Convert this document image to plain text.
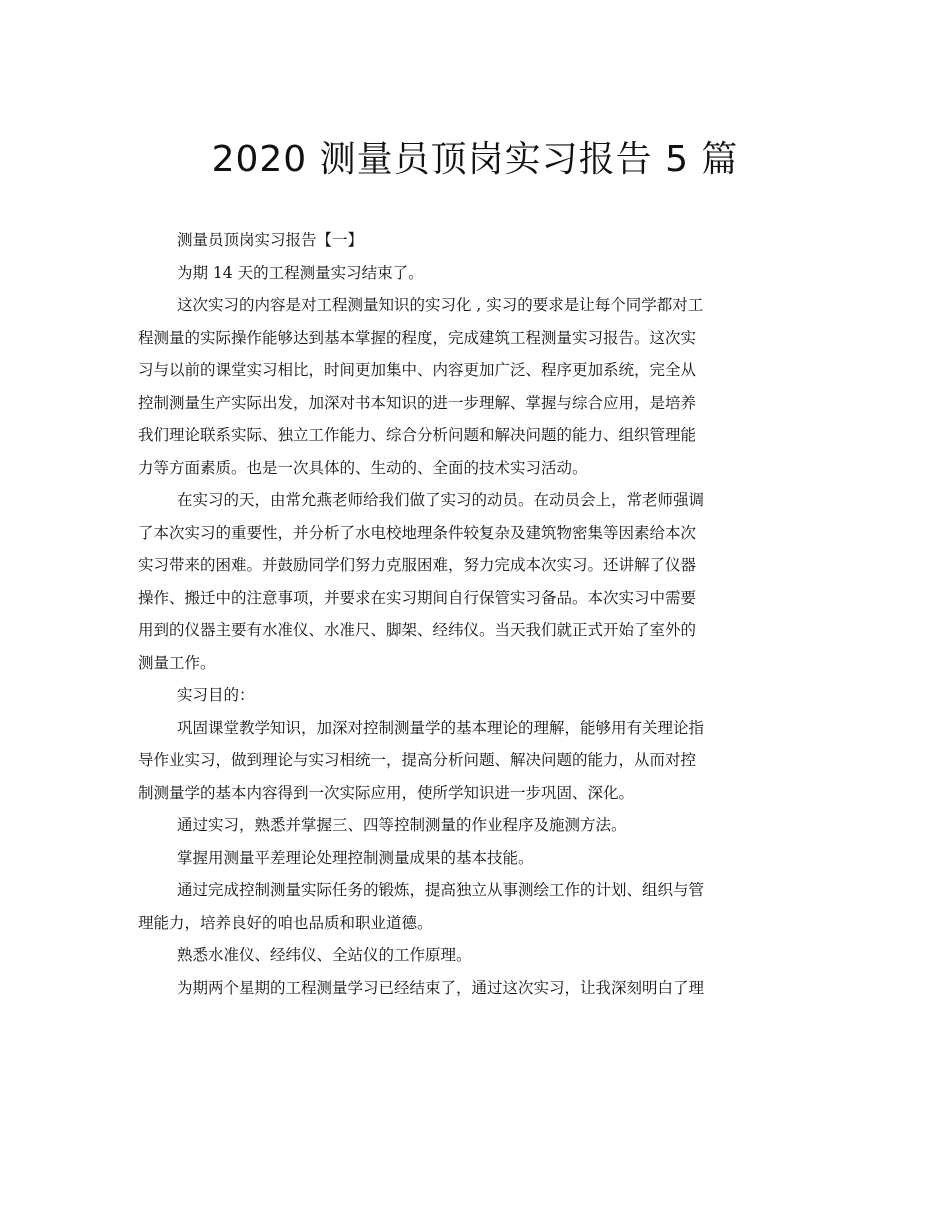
2020 测量员顶岗实习报告 5 篇
测量员顶岗实习报告【一】
为期 14 天的工程测量实习结束了。
这次实习的内容是对工程测量知识的实习化 , 实习的要求是让每个同学都对工
程测量的实际操作能够达到基本掌握的程度，完成建筑工程测量实习报告。这次实
习与以前的课堂实习相比，时间更加集中、内容更加广泛、程序更加系统，完全从
控制测量生产实际出发，加深对书本知识的进一步理解、掌握与综合应用，是培养
我们理论联系实际、独立工作能力、综合分析问题和解决问题的能力、组织管理能
力等方面素质。也是一次具体的、生动的、全面的技术实习活动。
在实习的天，由常允燕老师给我们做了实习的动员。在动员会上，常老师强调
了本次实习的重要性，并分析了水电校地理条件较复杂及建筑物密集等因素给本次
实习带来的困难。并鼓励同学们努力克服困难，努力完成本次实习。还讲解了仪器
操作、搬迁中的注意事项，并要求在实习期间自行保管实习备品。本次实习中需要
用到的仪器主要有水准仪、水准尺、脚架、经纬仪。当天我们就正式开始了室外的
测量工作。
实习目的：
巩固课堂教学知识，加深对控制测量学的基本理论的理解，能够用有关理论指
导作业实习，做到理论与实习相统一，提高分析问题、解决问题的能力，从而对控
制测量学的基本内容得到一次实际应用，使所学知识进一步巩固、深化。
通过实习，熟悉并掌握三、四等控制测量的作业程序及施测方法。
掌握用测量平差理论处理控制测量成果的基本技能。
通过完成控制测量实际任务的锻炼，提高独立从事测绘工作的计划、组织与管
理能力，培养良好的咱也品质和职业道德。
熟悉水准仪、经纬仪、全站仪的工作原理。
为期两个星期的工程测量学习已经结束了，通过这次实习，让我深刻明白了理
